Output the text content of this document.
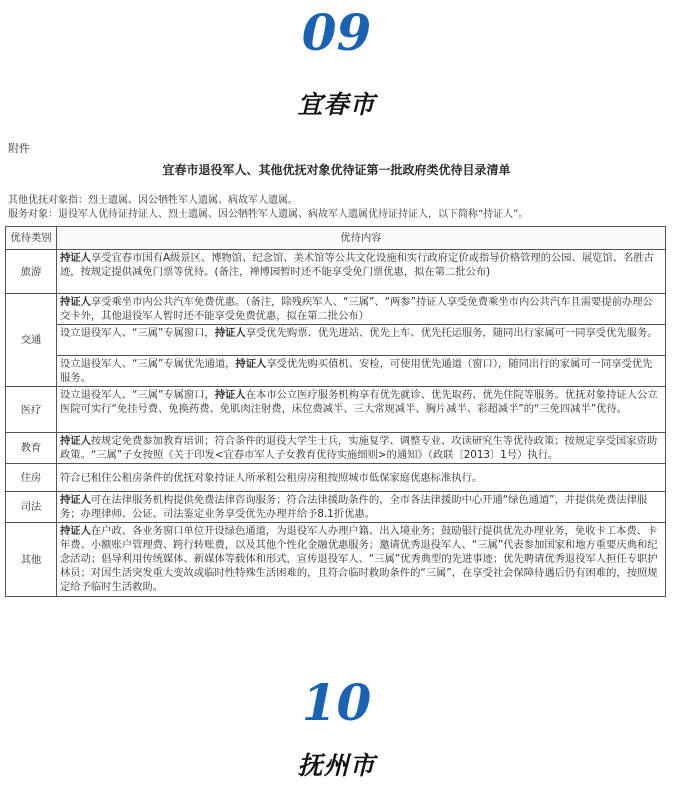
09
宜春市
附件
宜春市退役军人、其他优抚对象优待证第一批政府类优待目录清单
其他优抚对象指：烈士遗属、因公牺牲军人遗属、病故军人遗属。
服务对象：退役军人优待证持证人、烈士遗属、因公牺牲军人遗属、病故军人遗属优待证持证人，以下简称“持证人”。
优待类别	优待内容
旅游	持证人享受宜春市国有A级景区、博物馆、纪念馆、美术馆等公共文化设施和实行政府定价或指导价格管理的公园、展览馆、名胜古迹，按规定提供减免门票等优待。(备注，禅博园暂时还不能享受免门票优惠，拟在第二批公布)
交通	持证人享受乘坐市内公共汽车免费优惠。（备注，除残疾军人、“三属”、“两参”持证人享受免费乘坐市内公共汽车且需要提前办理公交卡外，其他退役军人暂时还不能享受免费优惠，拟在第二批公布）
	设立退役军人、“三属”专属窗口，持证人享受优先购票、优先进站、优先上车、优先托运服务，随同出行家属可一同享受优先服务。
	设立退役军人、“三属”专属优先通道，持证人享受优先购买值机、安检，可使用优先通道（窗口），随同出行的家属可一同享受优先服务。
医疗	设立退役军人、“三属”专属窗口，持证人在本市公立医疗服务机构享有优先就诊、优先取药、优先住院等服务。优抚对象持证人公立医院可实行“免挂号费、免换药费、免肌肉注射费，床位费减半、三大常规减半、胸片减半、彩超减半”的“三免四减半”优待。
教育	持证人按规定免费参加教育培训；符合条件的退役大学生士兵，实施复学、调整专业、攻读研究生等优待政策；按规定享受国家资助政策。“三属”子女按照《关于印发<宜春市军人子女教育优待实施细则>的通知》（政联〔2013〕1号）执行。
住房	符合已租住公租房条件的优抚对象持证人所承租公租房房租按照城市低保家庭优惠标准执行。
司法	持证人可在法律服务机构提供免费法律咨询服务；符合法律援助条件的，全市各法律援助中心开通“绿色通道”，并提供免费法律服务；办理律师、公证、司法鉴定业务享受优先办理并给予8.1折优惠。
其他	持证人在户政、各业务窗口单位开设绿色通道，为退役军人办理户籍、出入境业务；鼓励银行提供优先办理业务，免收卡工本费、卡年费、小额账户管理费、跨行转账费，以及其他个性化金融优惠服务；邀请优秀退役军人、“三属”代表参加国家和地方重要庆典和纪念活动；倡导利用传统媒体、新媒体等载体和形式，宣传退役军人、“三属”优秀典型的先进事迹；优先聘请优秀退役军人担任专职护林员；对因生活突发重大变故或临时性特殊生活困难的，且符合临时救助条件的“三属”，在享受社会保障待遇后仍有困难的，按照规定给予临时生活救助。
10
抚州市
